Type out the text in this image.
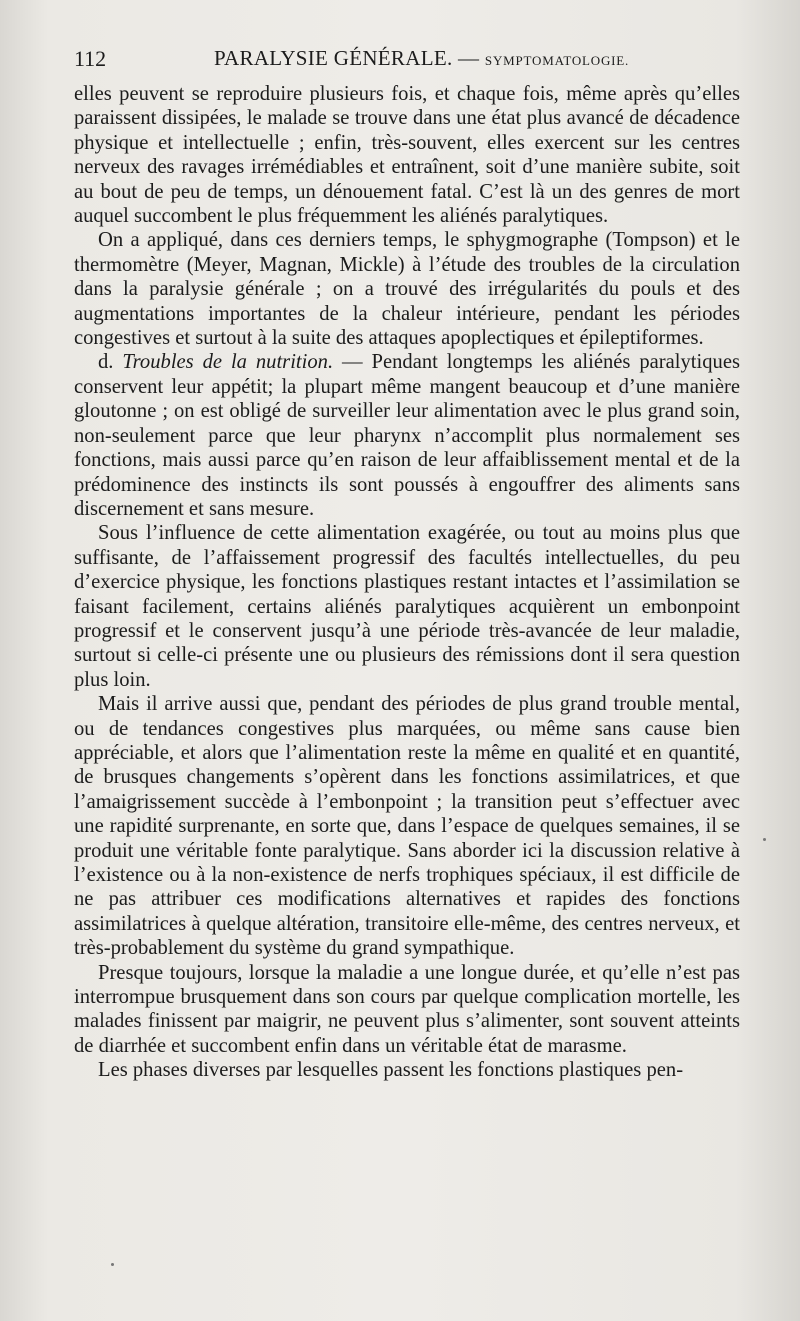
112	PARALYSIE GÉNÉRALE. — SYMPTOMATOLOGIE.

elles peuvent se reproduire plusieurs fois, et chaque fois, même après qu’elles paraissent dissipées, le malade se trouve dans une état plus avancé de décadence physique et intellectuelle ; enfin, très-souvent, elles exercent sur les centres nerveux des ravages irrémédiables et entraînent, soit d’une manière subite, soit au bout de peu de temps, un dénouement fatal. C’est là un des genres de mort auquel succombent le plus fréquemment les aliénés paralytiques.

On a appliqué, dans ces derniers temps, le sphygmographe (Tompson) et le thermomètre (Meyer, Magnan, Mickle) à l’étude des troubles de la circulation dans la paralysie générale ; on a trouvé des irrégularités du pouls et des augmentations importantes de la chaleur intérieure, pendant les périodes congestives et surtout à la suite des attaques apoplectiques et épileptiformes.

d. Troubles de la nutrition. — Pendant longtemps les aliénés paralytiques conservent leur appétit; la plupart même mangent beaucoup et d’une manière gloutonne ; on est obligé de surveiller leur alimentation avec le plus grand soin, non-seulement parce que leur pharynx n’accomplit plus normalement ses fonctions, mais aussi parce qu’en raison de leur affaiblissement mental et de la prédominence des instincts ils sont poussés à engouffrer des aliments sans discernement et sans mesure.

Sous l’influence de cette alimentation exagérée, ou tout au moins plus que suffisante, de l’affaissement progressif des facultés intellectuelles, du peu d’exercice physique, les fonctions plastiques restant intactes et l’assimilation se faisant facilement, certains aliénés paralytiques acquièrent un embonpoint progressif et le conservent jusqu’à une période très-avancée de leur maladie, surtout si celle-ci présente une ou plusieurs des rémissions dont il sera question plus loin.

Mais il arrive aussi que, pendant des périodes de plus grand trouble mental, ou de tendances congestives plus marquées, ou même sans cause bien appréciable, et alors que l’alimentation reste la même en qualité et en quantité, de brusques changements s’opèrent dans les fonctions assimilatrices, et que l’amaigrissement succède à l’embonpoint ; la transition peut s’effectuer avec une rapidité surprenante, en sorte que, dans l’espace de quelques semaines, il se produit une véritable fonte paralytique. Sans aborder ici la discussion relative à l’existence ou à la non-existence de nerfs trophiques spéciaux, il est difficile de ne pas attribuer ces modifications alternatives et rapides des fonctions assimilatrices à quelque altération, transitoire elle-même, des centres nerveux, et très-probablement du système du grand sympathique.

Presque toujours, lorsque la maladie a une longue durée, et qu’elle n’est pas interrompue brusquement dans son cours par quelque complication mortelle, les malades finissent par maigrir, ne peuvent plus s’alimenter, sont souvent atteints de diarrhée et succombent enfin dans un véritable état de marasme.

Les phases diverses par lesquelles passent les fonctions plastiques pen-
